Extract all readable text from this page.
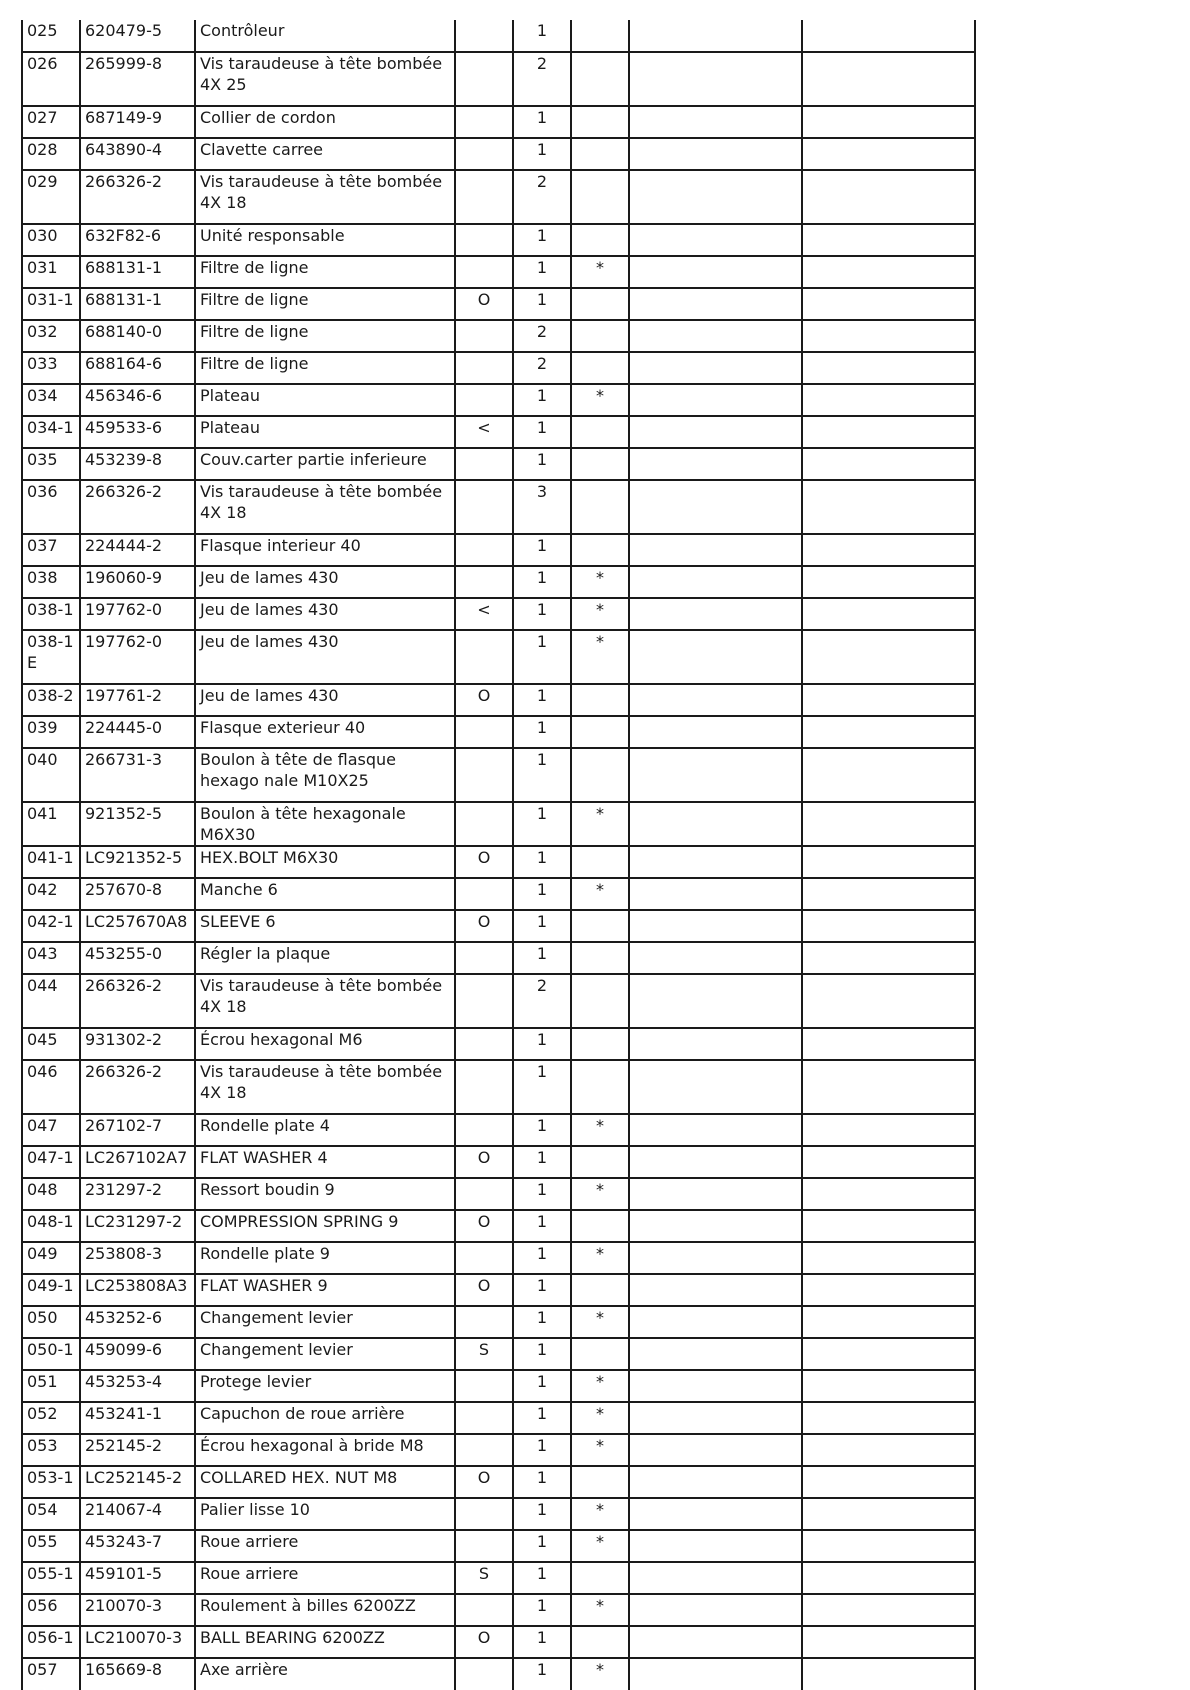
025	620479-5	Contrôleur		1			
026	265999-8	Vis taraudeuse à tête bombée 4X 25		2			
027	687149-9	Collier de cordon		1			
028	643890-4	Clavette carree		1			
029	266326-2	Vis taraudeuse à tête bombée 4X 18		2			
030	632F82-6	Unité responsable		1			
031	688131-1	Filtre de ligne		1	*		
031-1	688131-1	Filtre de ligne	O	1			
032	688140-0	Filtre de ligne		2			
033	688164-6	Filtre de ligne		2			
034	456346-6	Plateau		1	*		
034-1	459533-6	Plateau	<	1			
035	453239-8	Couv.carter partie inferieure		1			
036	266326-2	Vis taraudeuse à tête bombée 4X 18		3			
037	224444-2	Flasque interieur 40		1			
038	196060-9	Jeu de lames 430		1	*		
038-1	197762-0	Jeu de lames 430	<	1	*		
038-1 E	197762-0	Jeu de lames 430		1	*		
038-2	197761-2	Jeu de lames 430	O	1			
039	224445-0	Flasque exterieur 40		1			
040	266731-3	Boulon à tête de flasque hexago nale M10X25		1			
041	921352-5	Boulon à tête hexagonale M6X30		1	*		
041-1	LC921352-5	HEX.BOLT M6X30	O	1			
042	257670-8	Manche 6		1	*		
042-1	LC257670A8	SLEEVE 6	O	1			
043	453255-0	Régler la plaque		1			
044	266326-2	Vis taraudeuse à tête bombée 4X 18		2			
045	931302-2	Écrou hexagonal M6		1			
046	266326-2	Vis taraudeuse à tête bombée 4X 18		1			
047	267102-7	Rondelle plate 4		1	*		
047-1	LC267102A7	FLAT WASHER 4	O	1			
048	231297-2	Ressort boudin 9		1	*		
048-1	LC231297-2	COMPRESSION SPRING 9	O	1			
049	253808-3	Rondelle plate 9		1	*		
049-1	LC253808A3	FLAT WASHER 9	O	1			
050	453252-6	Changement levier		1	*		
050-1	459099-6	Changement levier	S	1			
051	453253-4	Protege levier		1	*		
052	453241-1	Capuchon de roue arrière		1	*		
053	252145-2	Écrou hexagonal à bride M8		1	*		
053-1	LC252145-2	COLLARED HEX. NUT M8	O	1			
054	214067-4	Palier lisse 10		1	*		
055	453243-7	Roue arriere		1	*		
055-1	459101-5	Roue arriere	S	1			
056	210070-3	Roulement à billes 6200ZZ		1	*		
056-1	LC210070-3	BALL BEARING 6200ZZ	O	1			
057	165669-8	Axe arrière		1	*		
